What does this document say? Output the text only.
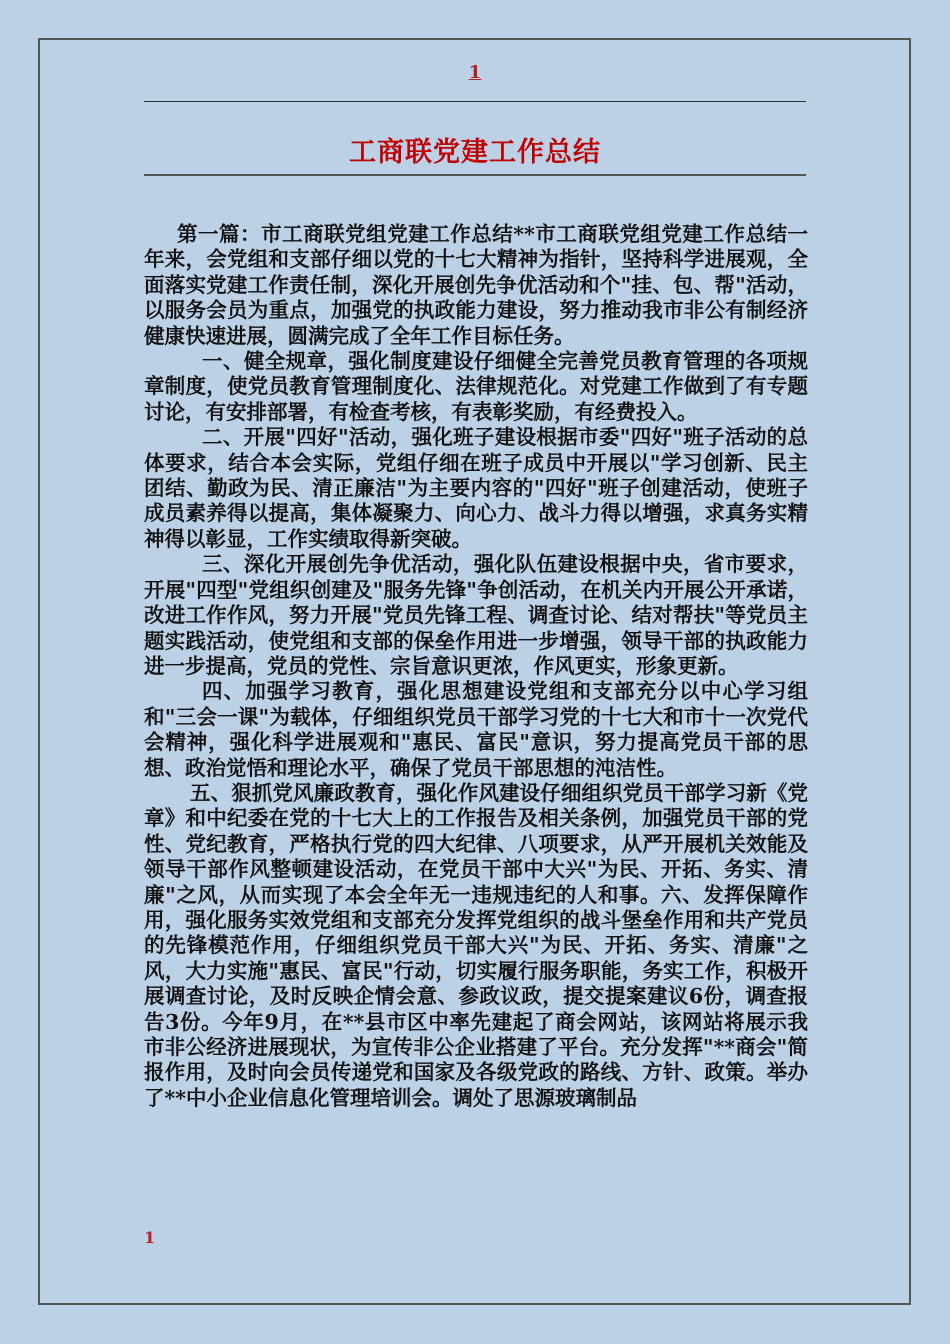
1
工商联党建工作总结

第一篇：市工商联党组党建工作总结**市工商联党组党建工作总结一年来，会党组和支部仔细以党的十七大精神为指针，坚持科学进展观，全面落实党建工作责任制，深化开展创先争优活动和个"挂、包、帮"活动，以服务会员为重点，加强党的执政能力建设，努力推动我市非公有制经济健康快速进展，圆满完成了全年工作目标任务。

一、健全规章，强化制度建设仔细健全完善党员教育管理的各项规章制度，使党员教育管理制度化、法律规范化。对党建工作做到了有专题讨论，有安排部署，有检查考核，有表彰奖励，有经费投入。

二、开展"四好"活动，强化班子建设根据市委"四好"班子活动的总体要求，结合本会实际，党组仔细在班子成员中开展以"学习创新、民主团结、勤政为民、清正廉洁"为主要内容的"四好"班子创建活动，使班子成员素养得以提高，集体凝聚力、向心力、战斗力得以增强，求真务实精神得以彰显，工作实绩取得新突破。

三、深化开展创先争优活动，强化队伍建设根据中央，省市要求，开展"四型"党组织创建及"服务先锋"争创活动，在机关内开展公开承诺，改进工作作风，努力开展"党员先锋工程、调查讨论、结对帮扶"等党员主题实践活动，使党组和支部的保垒作用进一步增强，领导干部的执政能力进一步提高，党员的党性、宗旨意识更浓，作风更实，形象更新。

四、加强学习教育，强化思想建设党组和支部充分以中心学习组和"三会一课"为载体，仔细组织党员干部学习党的十七大和市十一次党代会精神，强化科学进展观和"惠民、富民"意识，努力提高党员干部的思想、政治觉悟和理论水平，确保了党员干部思想的沌洁性。

五、狠抓党风廉政教育，强化作风建设仔细组织党员干部学习新《党章》和中纪委在党的十七大上的工作报告及相关条例，加强党员干部的党性、党纪教育，严格执行党的四大纪律、八项要求，从严开展机关效能及领导干部作风整顿建设活动，在党员干部中大兴"为民、开拓、务实、清廉"之风，从而实现了本会全年无一违规违纪的人和事。六、发挥保障作用，强化服务实效党组和支部充分发挥党组织的战斗堡垒作用和共产党员的先锋模范作用，仔细组织党员干部大兴"为民、开拓、务实、清廉"之风，大力实施"惠民、富民"行动，切实履行服务职能，务实工作，积极开展调查讨论，及时反映企情会意、参政议政，提交提案建议6份，调查报告3份。今年9月，在**县市区中率先建起了商会网站，该网站将展示我市非公经济进展现状，为宣传非公企业搭建了平台。充分发挥"**商会"简报作用，及时向会员传递党和国家及各级党政的路线、方针、政策。举办了**中小企业信息化管理培训会。调处了思源玻璃制品

1
